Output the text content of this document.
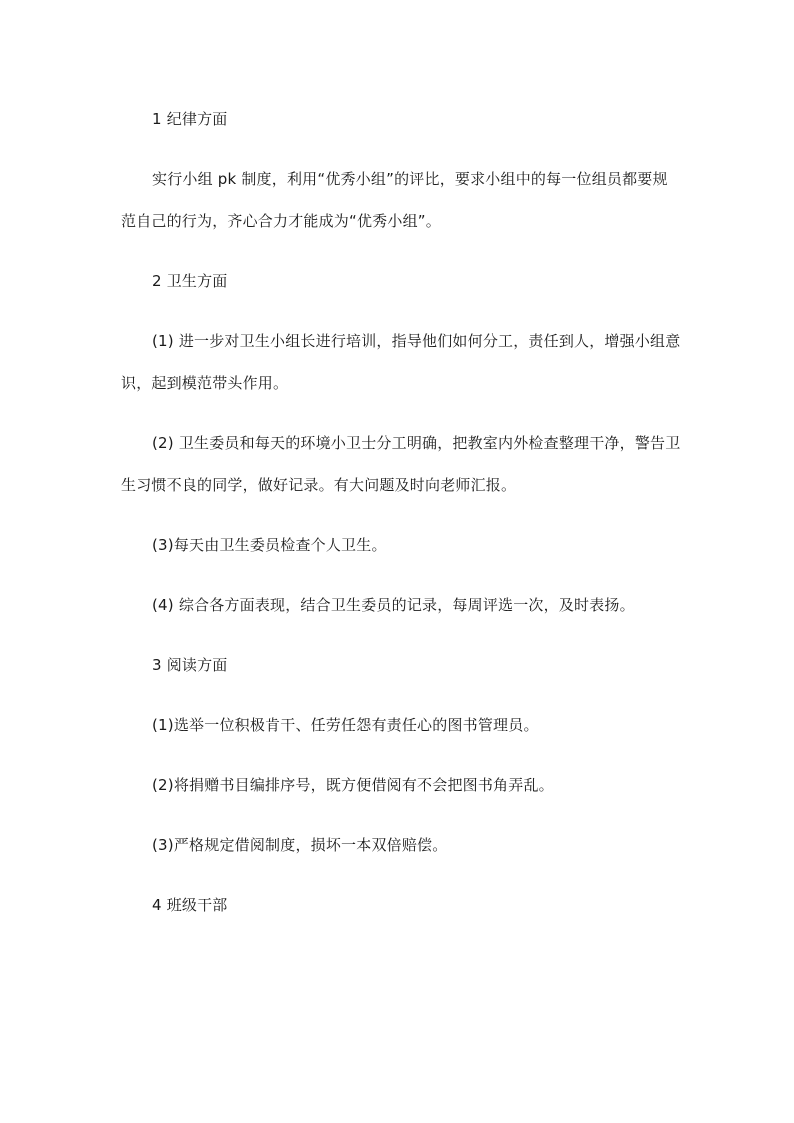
1 纪律方面

实行小组 pk 制度，利用“优秀小组”的评比，要求小组中的每一位组员都要规范自己的行为，齐心合力才能成为“优秀小组”。

2 卫生方面

(1) 进一步对卫生小组长进行培训，指导他们如何分工，责任到人，增强小组意识，起到模范带头作用。

(2) 卫生委员和每天的环境小卫士分工明确，把教室内外检查整理干净，警告卫生习惯不良的同学，做好记录。有大问题及时向老师汇报。

(3)每天由卫生委员检查个人卫生。

(4) 综合各方面表现，结合卫生委员的记录，每周评选一次，及时表扬。

3 阅读方面

(1)选举一位积极肯干、任劳任怨有责任心的图书管理员。

(2)将捐赠书目编排序号，既方便借阅有不会把图书角弄乱。

(3)严格规定借阅制度，损坏一本双倍赔偿。

4 班级干部
